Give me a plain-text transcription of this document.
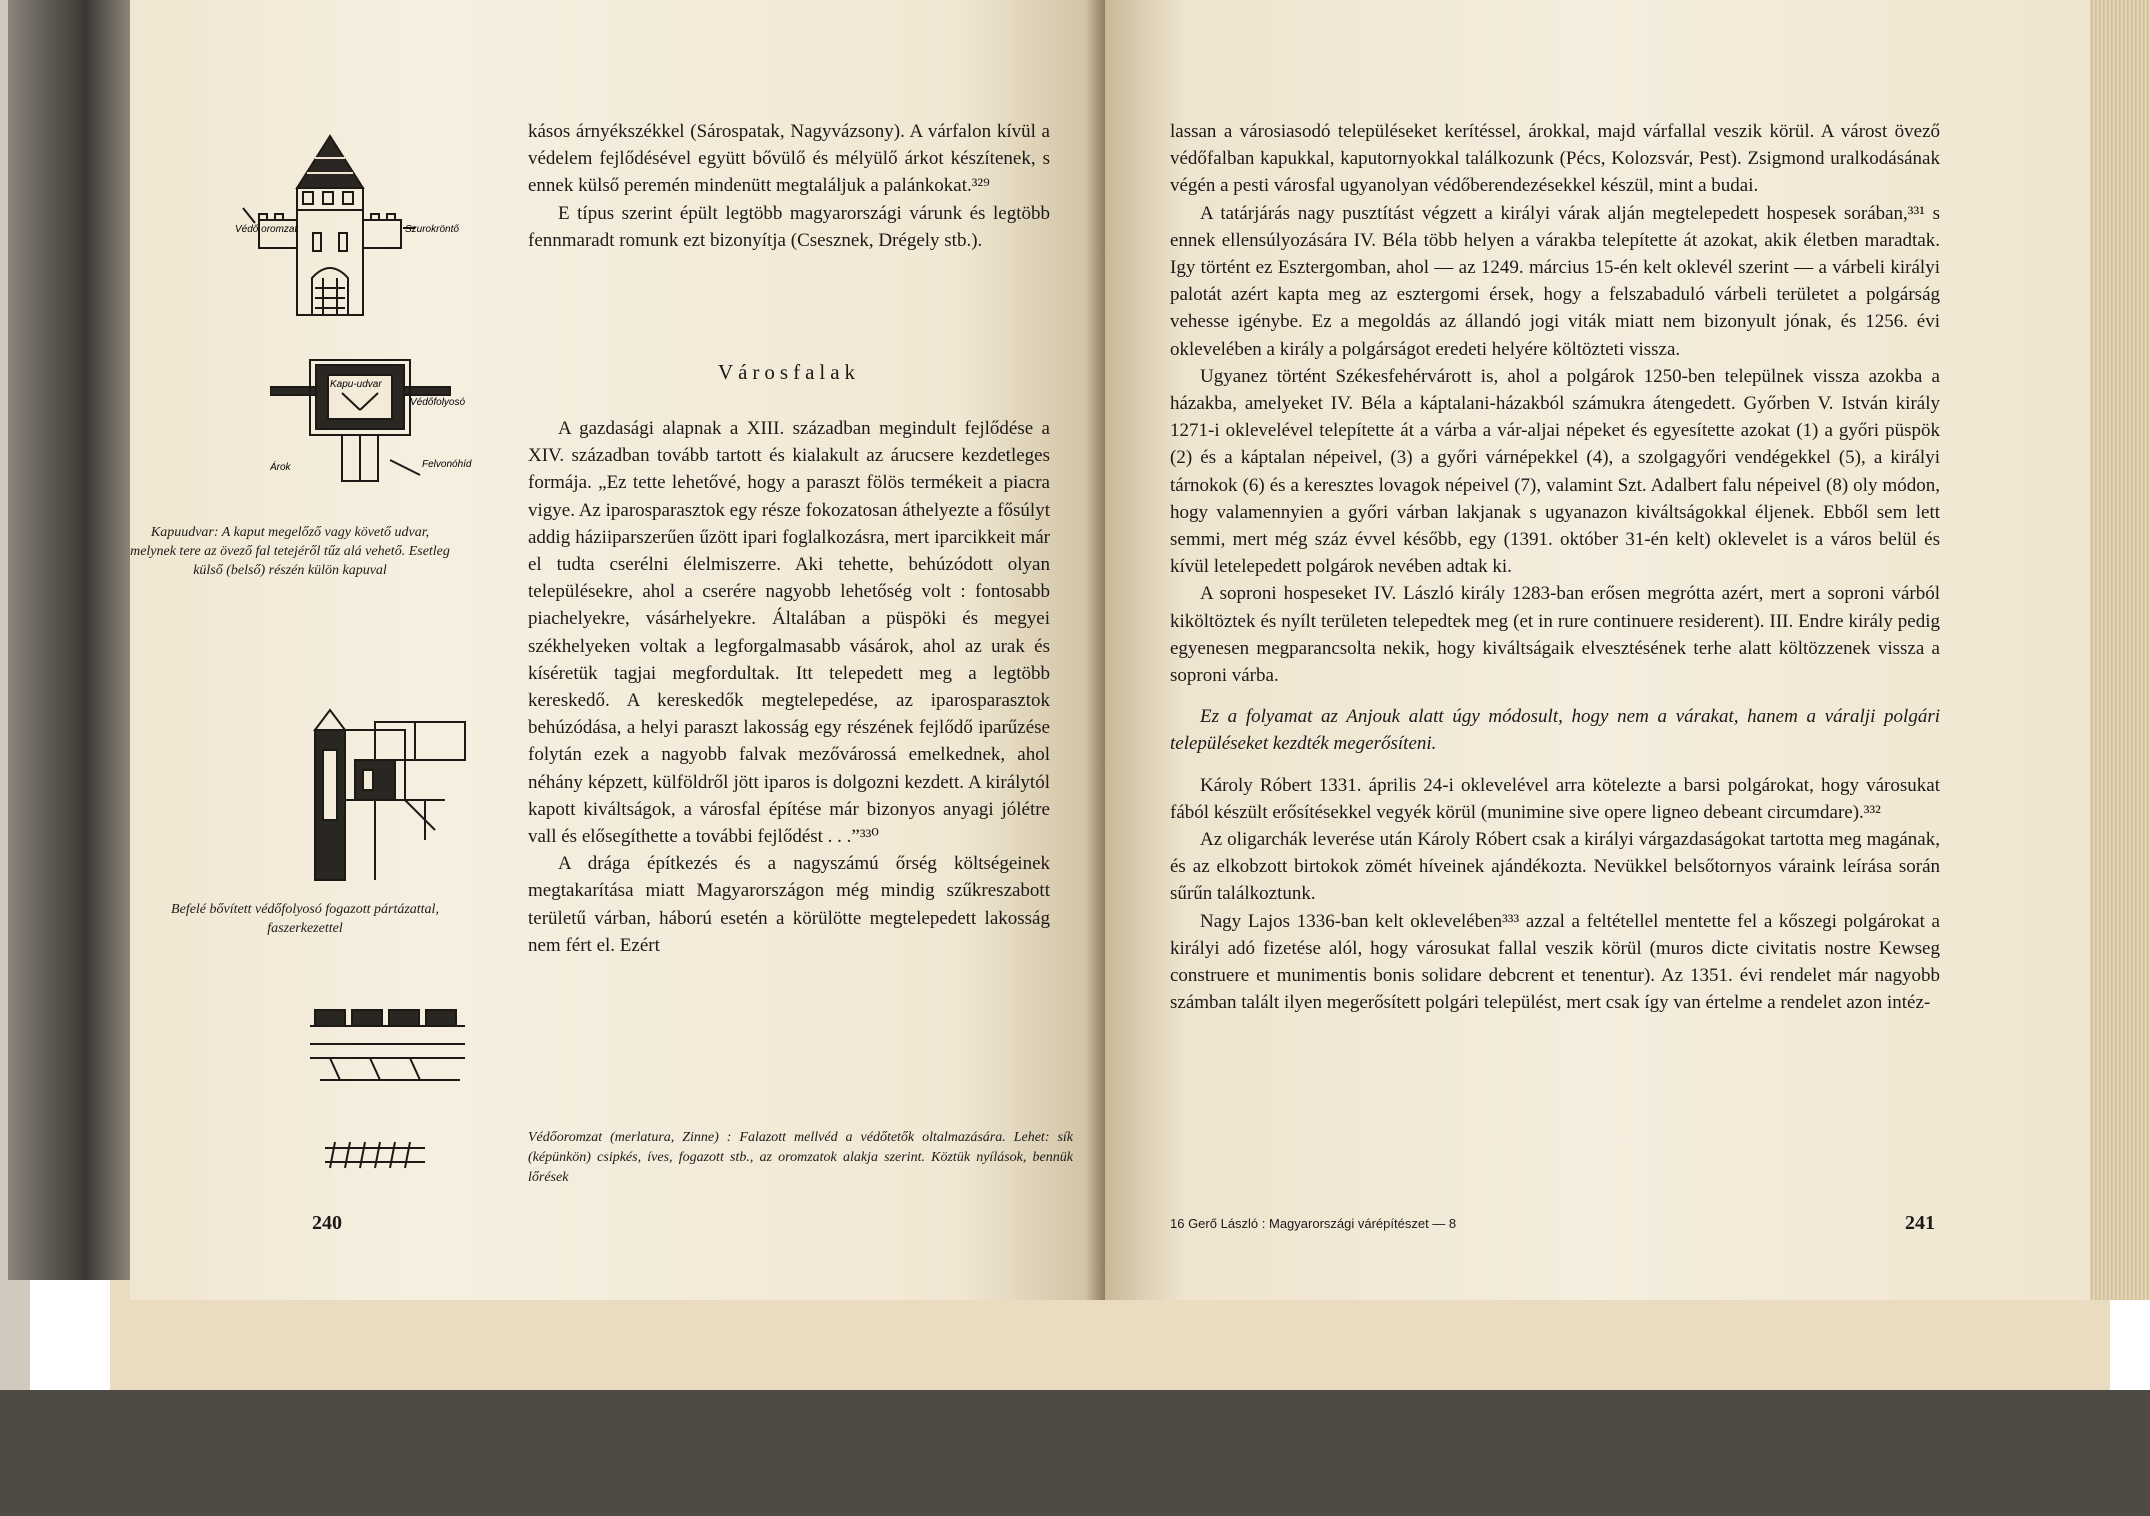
Védő oromzat	Szurokröntő
Kapu-udvar
Védőfolyosó
Árok	Felvonóhíd
Kapuudvar: A kaput megelőző vagy követő udvar, melynek tere az övező fal tetejéről tűz alá vehető. Esetleg külső (belső) részén külön kapuval
Befelé bővített védőfolyosó fogazott pártázattal, faszerkezettel
240

kásos árnyékszékkel (Sárospatak, Nagyvázsony). A várfalon kívül a védelem fejlődésével együtt bővülő és mélyülő árkot készítenek, s ennek külső peremén mindenütt megtaláljuk a palánkokat.³²⁹

E típus szerint épült legtöbb magyarországi várunk és legtöbb fennmaradt romunk ezt bizonyítja (Csesznek, Drégely stb.).

Városfalak

A gazdasági alapnak a XIII. században megindult fejlődése a XIV. században tovább tartott és kialakult az árucsere kezdetleges formája. „Ez tette lehetővé, hogy a paraszt fölös termékeit a piacra vigye. Az iparosparasztok egy része fokozatosan áthelyezte a fősúlyt addig háziiparszerűen űzött ipari foglalkozásra, mert iparcikkeit már el tudta cserélni élelmiszerre. Aki tehette, behúzódott olyan településekre, ahol a cserére nagyobb lehetőség volt : fontosabb piachelyekre, vásárhelyekre. Általában a püspöki és megyei székhelyeken voltak a legforgalmasabb vásárok, ahol az urak és kíséretük tagjai megfordultak. Itt telepedett meg a legtöbb kereskedő. A kereskedők megtelepedése, az iparosparasztok behúzódása, a helyi paraszt lakosság egy részének fejlődő iparűzése folytán ezek a nagyobb falvak mezővárossá emelkednek, ahol néhány képzett, külföldről jött iparos is dolgozni kezdett. A királytól kapott kiváltságok, a városfal építése már bizonyos anyagi jólétre vall és elősegíthette a további fejlődést . . .”³³⁰

A drága építkezés és a nagyszámú őrség költségeinek megtakarítása miatt Magyarországon még mindig szűkreszabott területű várban, háború esetén a körülötte megtelepedett lakosság nem fért el. Ezért

Védőoromzat (merlatura, Zinne) : Falazott mellvéd a védőtetők oltalmazására. Lehet: sík (képünkön) csipkés, íves, fogazott stb., az oromzatok alakja szerint. Köztük nyílások, bennük lőrések

lassan a városiasodó településeket kerítéssel, árokkal, majd várfallal veszik körül. A várost övező védőfalban kapukkal, kaputornyokkal találkozunk (Pécs, Kolozsvár, Pest). Zsigmond uralkodásának végén a pesti városfal ugyanolyan védőberendezésekkel készül, mint a budai.

A tatárjárás nagy pusztítást végzett a királyi várak alján megtelepedett hospesek sorában,³³¹ s ennek ellensúlyozására IV. Béla több helyen a várakba telepítette át azokat, akik életben maradtak. Igy történt ez Esztergomban, ahol — az 1249. március 15-én kelt oklevél szerint — a várbeli királyi palotát azért kapta meg az esztergomi érsek, hogy a felszabaduló várbeli területet a polgárság vehesse igénybe. Ez a megoldás az állandó jogi viták miatt nem bizonyult jónak, és 1256. évi oklevelében a király a polgárságot eredeti helyére költözteti vissza.

Ugyanez történt Székesfehérvárott is, ahol a polgárok 1250-ben települnek vissza azokba a házakba, amelyeket IV. Béla a káptalani-házakból számukra átengedett. Győrben V. István király 1271-i oklevelével telepítette át a várba a vár-aljai népeket és egyesítette azokat (1) a győri püspök (2) és a káptalan népeivel, (3) a győri várnépekkel (4), a szolgagyőri vendégekkel (5), a királyi tárnokok (6) és a keresztes lovagok népeivel (7), valamint Szt. Adalbert falu népeivel (8) oly módon, hogy valamennyien a győri várban lakjanak s ugyanazon kiváltságokkal éljenek. Ebből sem lett semmi, mert még száz évvel később, egy (1391. október 31-én kelt) oklevelet is a város belül és kívül letelepedett polgárok nevében adtak ki.

A soproni hospeseket IV. László király 1283-ban erősen megrótta azért, mert a soproni várból kiköltöztek és nyílt területen telepedtek meg (et in rure continuere residerent). III. Endre király pedig egyenesen megparancsolta nekik, hogy kiváltságaik elvesztésének terhe alatt költözzenek vissza a soproni várba.

Ez a folyamat az Anjouk alatt úgy módosult, hogy nem a várakat, hanem a váralji polgári településeket kezdték megerősíteni.

Károly Róbert 1331. április 24-i oklevelével arra kötelezte a barsi polgárokat, hogy városukat fából készült erősítésekkel vegyék körül (munimine sive opere ligneo debeant circumdare).³³²

Az oligarchák leverése után Károly Róbert csak a királyi várgazdaságokat tartotta meg magának, és az elkobzott birtokok zömét híveinek ajándékozta. Nevükkel belsőtornyos váraink leírása során sűrűn találkoztunk.

Nagy Lajos 1336-ban kelt oklevelében³³³ azzal a feltétellel mentette fel a kőszegi polgárokat a királyi adó fizetése alól, hogy városukat fallal veszik körül (muros dicte civitatis nostre Kewseg construere et munimentis bonis solidare debcrent et tenentur). Az 1351. évi rendelet már nagyobb számban talált ilyen megerősített polgári települést, mert csak így van értelme a rendelet azon intéz-

16 Gerő László : Magyarországi várépítészet — 8	241
